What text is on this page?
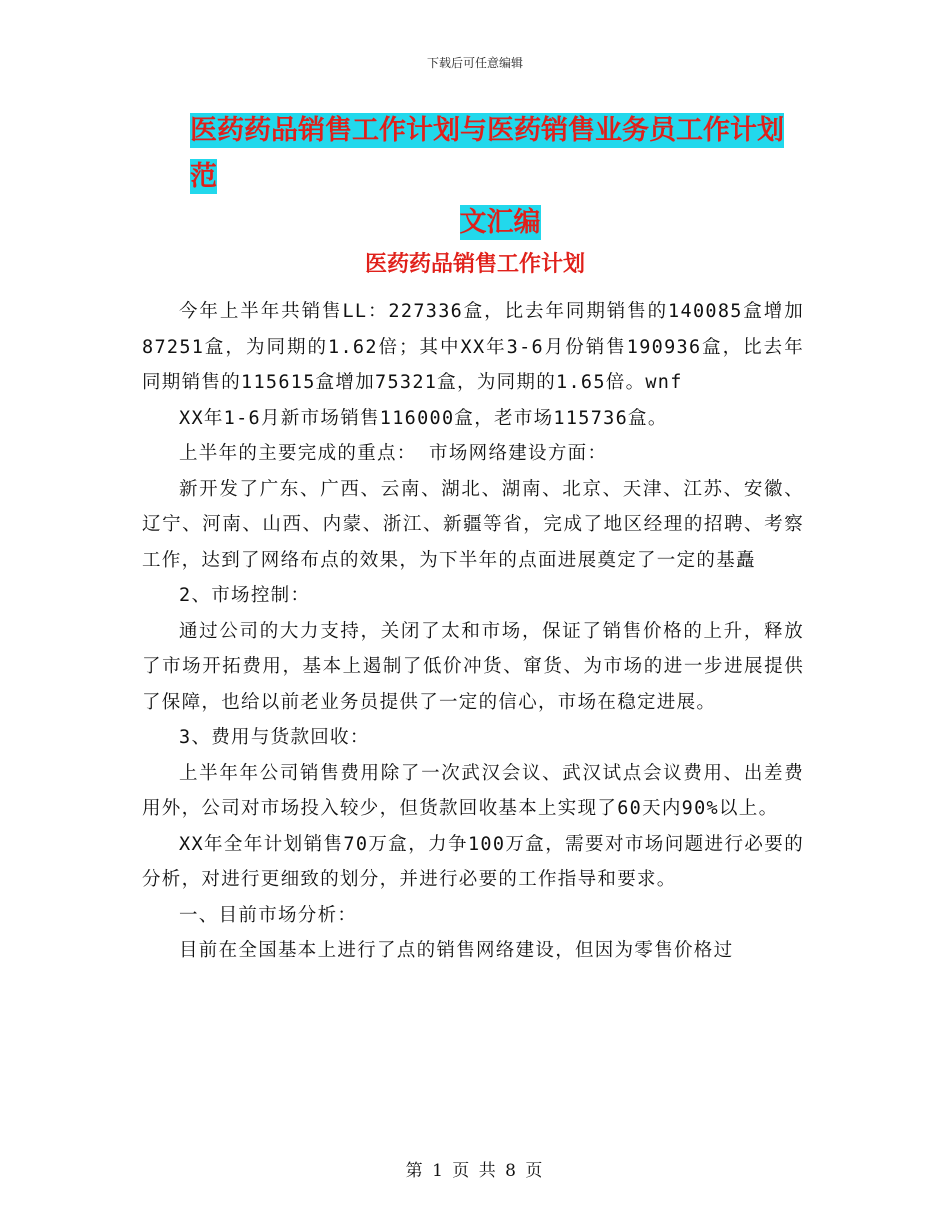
下载后可任意编辑
医药药品销售工作计划与医药销售业务员工作计划范
文汇编
医药药品销售工作计划

今年上半年共销售LL：227336盒，比去年同期销售的140085盒增加87251盒，为同期的1.62倍；其中XX年3-6月份销售190936盒，比去年同期销售的115615盒增加75321盒，为同期的1.65倍。wnf

XX年1-6月新市场销售116000盒，老市场115736盒。

上半年的主要完成的重点： 市场网络建设方面：

新开发了广东、广西、云南、湖北、湖南、北京、天津、江苏、安徽、辽宁、河南、山西、内蒙、浙江、新疆等省，完成了地区经理的招聘、考察工作，达到了网络布点的效果，为下半年的点面进展奠定了一定的基矗

2、市场控制：

通过公司的大力支持，关闭了太和市场，保证了销售价格的上升，释放了市场开拓费用，基本上遏制了低价冲货、窜货、为市场的进一步进展提供了保障，也给以前老业务员提供了一定的信心，市场在稳定进展。

3、费用与货款回收：

上半年年公司销售费用除了一次武汉会议、武汉试点会议费用、出差费用外，公司对市场投入较少，但货款回收基本上实现了60天内90%以上。

XX年全年计划销售70万盒，力争100万盒，需要对市场问题进行必要的分析，对进行更细致的划分，并进行必要的工作指导和要求。

一、目前市场分析：

目前在全国基本上进行了点的销售网络建设，但因为零售价格过

第 1 页 共 8 页
